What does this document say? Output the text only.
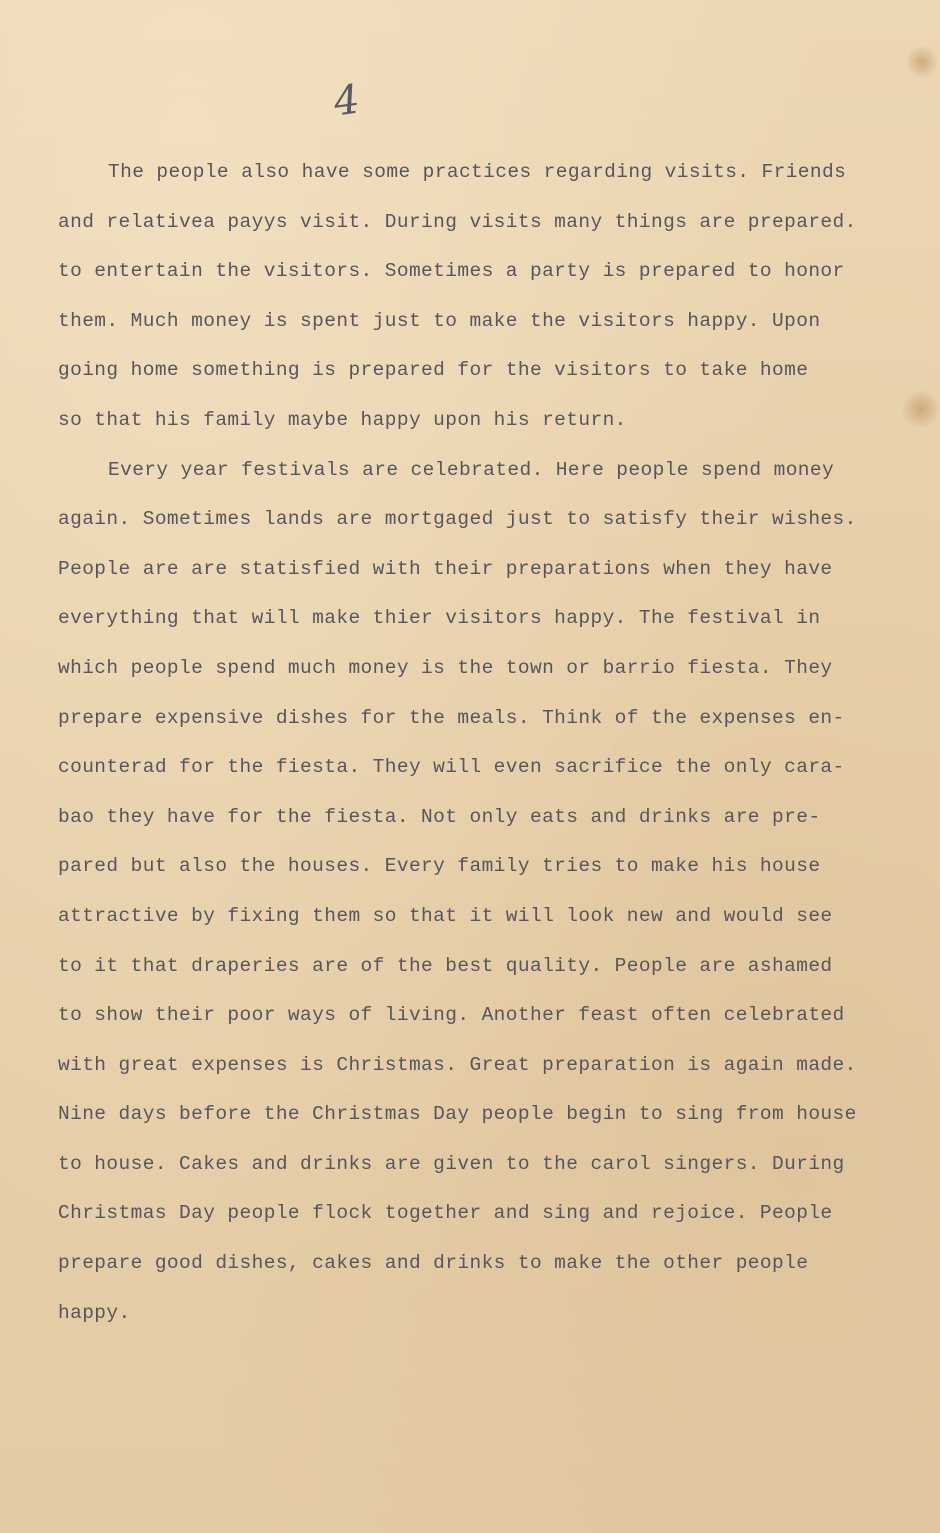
4
The people also have some practices regarding visits. Friends
and relativea payys visit. During visits many things are prepared.
to entertain the visitors. Sometimes a party is prepared to honor
them. Much money is spent just to make the visitors happy. Upon
going home something is prepared for the visitors to take home
so that his family maybe happy upon his return.
Every year festivals are celebrated. Here people spend money
again. Sometimes lands are mortgaged just to satisfy their wishes.
People are are statisfied with their preparations when they have
everything that will make thier visitors happy. The festival in
which people spend much money is the town or barrio fiesta. They
prepare expensive dishes for the meals. Think of the expenses en-
counterad for the fiesta. They will even sacrifice the only cara-
bao they have for the fiesta. Not only eats and drinks are pre-
pared but also the houses. Every family tries to make his house
attractive by fixing them so that it will look new and would see
to it that draperies are of the best quality. People are ashamed
to show their poor ways of living. Another feast often celebrated
with great expenses is Christmas. Great preparation is again made.
Nine days before the Christmas Day people begin to sing from house
to house. Cakes and drinks are given to the carol singers. During
Christmas Day people flock together and sing and rejoice. People
prepare good dishes, cakes and drinks to make the other people
happy.
